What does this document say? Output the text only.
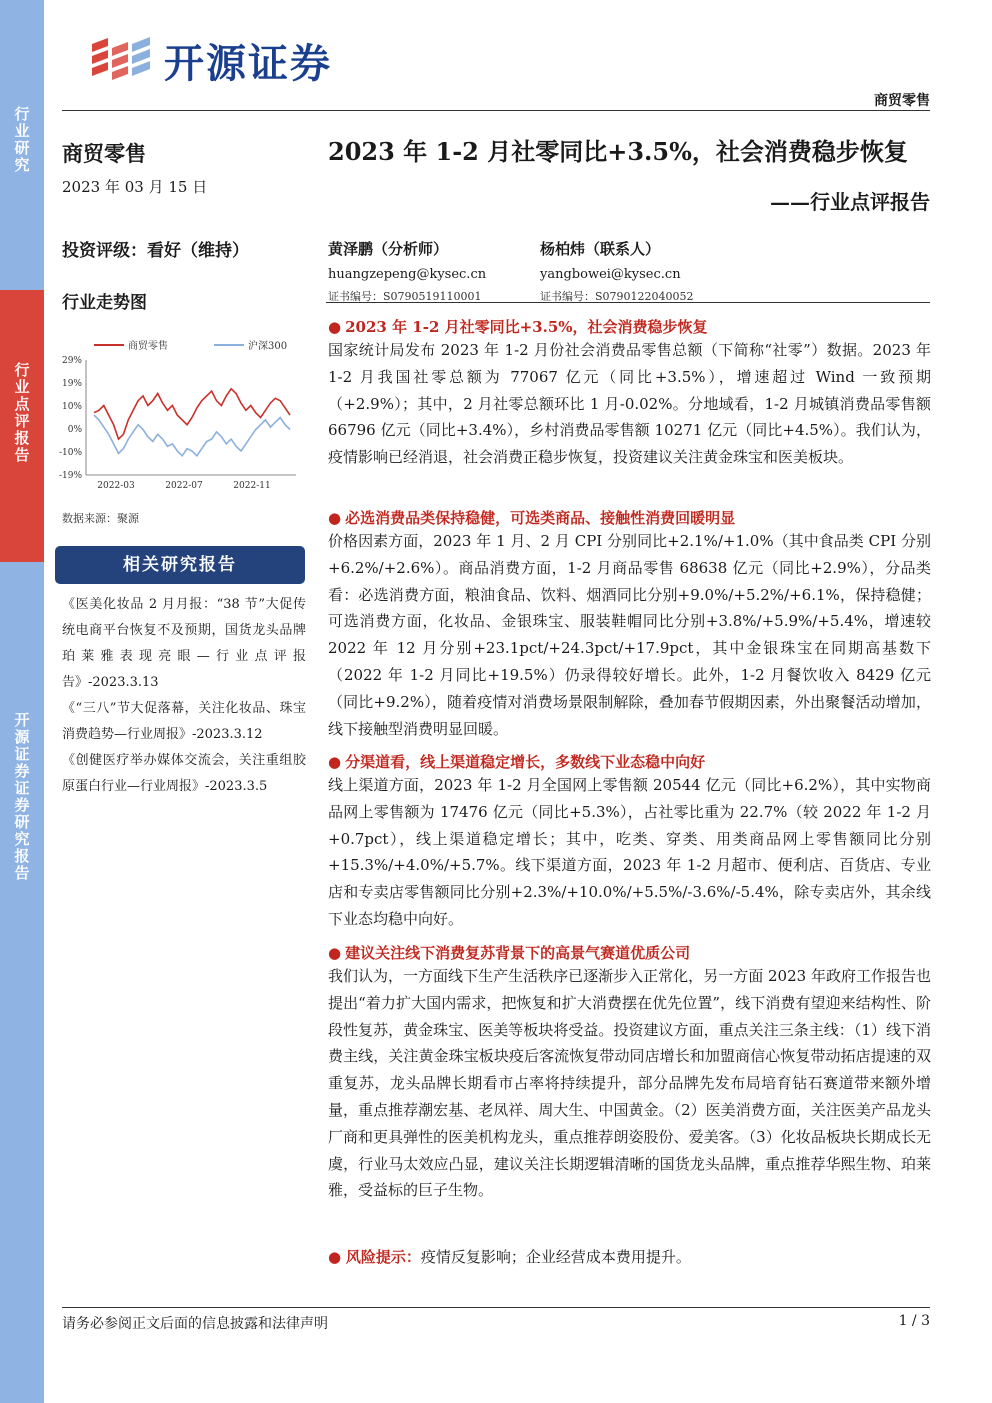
行业研究
行业点评报告
开源证券 证券研究报告
开源证券
商贸零售
商贸零售
2023 年 03 月 15 日
投资评级：看好（维持）
行业走势图
29%
19%
10%
0%
-10%
-19%
2022-03	2022-07	2022-11
商贸零售	沪深300
数据来源：聚源
相关研究报告
《医美化妆品 2 月月报：“38 节”大促传统电商平台恢复不及预期，国货龙头品牌珀莱雅表现亮眼—行业点评报告》-2023.3.13
《“三八”节大促落幕，关注化妆品、珠宝消费趋势—行业周报》-2023.3.12
《创健医疗举办媒体交流会，关注重组胶原蛋白行业—行业周报》-2023.3.5
2023 年 1-2 月社零同比+3.5%，社会消费稳步恢复
——行业点评报告
黄泽鹏（分析师）
huangzepeng@kysec.cn
证书编号：S0790519110001
杨柏炜（联系人）
yangbowei@kysec.cn
证书编号：S0790122040052
● 2023 年 1-2 月社零同比+3.5%，社会消费稳步恢复
国家统计局发布 2023 年 1-2 月份社会消费品零售总额（下简称“社零”）数据。2023 年 1-2 月我国社零总额为 77067 亿元（同比+3.5%），增速超过 Wind 一致预期（+2.9%）；其中，2 月社零总额环比 1 月-0.02%。分地域看，1-2 月城镇消费品零售额 66796 亿元（同比+3.4%），乡村消费品零售额 10271 亿元（同比+4.5%）。我们认为，疫情影响已经消退，社会消费正稳步恢复，投资建议关注黄金珠宝和医美板块。
● 必选消费品类保持稳健，可选类商品、接触性消费回暖明显
价格因素方面，2023 年 1 月、2 月 CPI 分别同比+2.1%/+1.0%（其中食品类 CPI 分别+6.2%/+2.6%）。商品消费方面，1-2 月商品零售 68638 亿元（同比+2.9%），分品类看：必选消费方面，粮油食品、饮料、烟酒同比分别+9.0%/+5.2%/+6.1%，保持稳健；可选消费方面，化妆品、金银珠宝、服装鞋帽同比分别+3.8%/+5.9%/+5.4%，增速较 2022 年 12 月分别+23.1pct/+24.3pct/+17.9pct，其中金银珠宝在同期高基数下（2022 年 1-2 月同比+19.5%）仍录得较好增长。此外，1-2 月餐饮收入 8429 亿元（同比+9.2%），随着疫情对消费场景限制解除，叠加春节假期因素，外出聚餐活动增加，线下接触型消费明显回暖。
● 分渠道看，线上渠道稳定增长，多数线下业态稳中向好
线上渠道方面，2023 年 1-2 月全国网上零售额 20544 亿元（同比+6.2%），其中实物商品网上零售额为 17476 亿元（同比+5.3%），占社零比重为 22.7%（较 2022 年 1-2 月+0.7pct），线上渠道稳定增长；其中，吃类、穿类、用类商品网上零售额同比分别+15.3%/+4.0%/+5.7%。线下渠道方面，2023 年 1-2 月超市、便利店、百货店、专业店和专卖店零售额同比分别+2.3%/+10.0%/+5.5%/-3.6%/-5.4%，除专卖店外，其余线下业态均稳中向好。
● 建议关注线下消费复苏背景下的高景气赛道优质公司
我们认为，一方面线下生产生活秩序已逐渐步入正常化，另一方面 2023 年政府工作报告也提出“着力扩大国内需求，把恢复和扩大消费摆在优先位置”，线下消费有望迎来结构性、阶段性复苏，黄金珠宝、医美等板块将受益。投资建议方面，重点关注三条主线：（1）线下消费主线，关注黄金珠宝板块疫后客流恢复带动同店增长和加盟商信心恢复带动拓店提速的双重复苏，龙头品牌长期看市占率将持续提升，部分品牌先发布局培育钻石赛道带来额外增量，重点推荐潮宏基、老凤祥、周大生、中国黄金。（2）医美消费方面，关注医美产品龙头厂商和更具弹性的医美机构龙头，重点推荐朗姿股份、爱美客。（3）化妆品板块长期成长无虞，行业马太效应凸显，建议关注长期逻辑清晰的国货龙头品牌，重点推荐华熙生物、珀莱雅，受益标的巨子生物。
● 风险提示：疫情反复影响；企业经营成本费用提升。
请务必参阅正文后面的信息披露和法律声明	1 / 3
